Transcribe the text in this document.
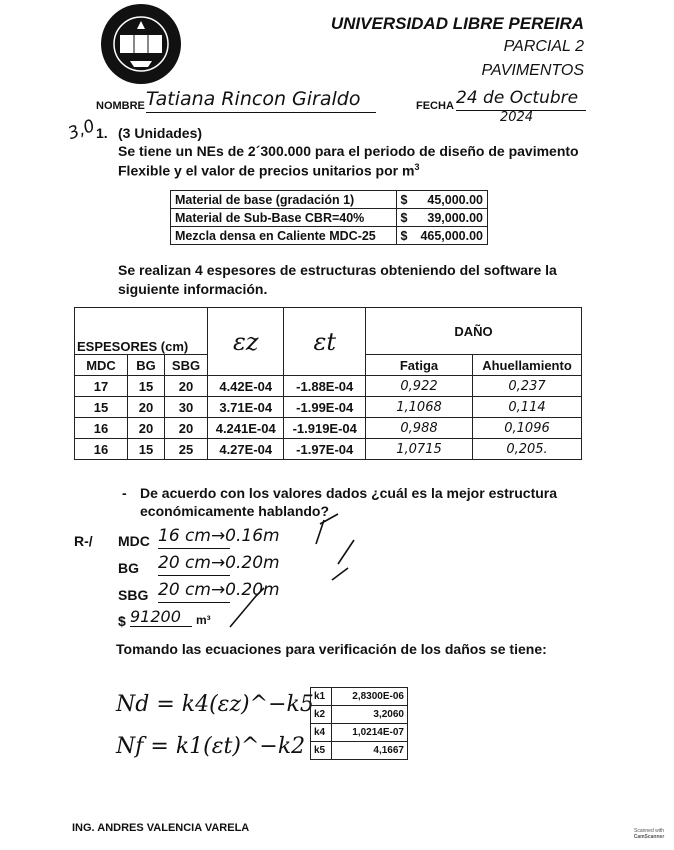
UNIVERSIDAD LIBRE PEREIRA
PARCIAL 2
PAVIMENTOS
NOMBRE Tatiana Rincon Giraldo	FECHA 24 de Octubre
2024
3,0
1. (3 Unidades)
Se tiene un NEs de 2´300.000 para el periodo de diseño de pavimento
Flexible y el valor de precios unitarios por $m^3$
Material de base (gradación 1)	$	45,000.00
Material de Sub-Base CBR=40%	$	39,000.00
Mezcla densa en Caliente MDC-25	$	465,000.00
Se realizan 4 espesores de estructuras obteniendo del software la
siguiente información.
ESPESORES (cm)			εz	εt	DAÑO	

MDC	BG	SBG			Fatiga	Ahuellamiento
17	15	20	4.42E-04	-1.88E-04	0,922	0,237
15	20	30	3.71E-04	-1.99E-04	1,1068	0,114
16	20	20	4.241E-04	-1.919E-04	0,988	0,1096
16	15	25	4.27E-04	-1.97E-04	1,0715	0,205.
- De acuerdo con los valores dados ¿cuál es la mejor estructura
económicamente hablando?
R-/ MDC 16 cm→0.16m
BG 20 cm→0.20m
SBG 20 cm→0.20m
$ 91200	m³
Tomando las ecuaciones para verificación de los daños se tiene:
Nd = k4(εz)^−k5
Nf = k1(εt)^−k2
k1	2,8300E-06
k2	3,2060
k4	1,0214E-07
k5	4,1667
ING. ANDRES VALENCIA VARELA	Scanned with
CamScanner
